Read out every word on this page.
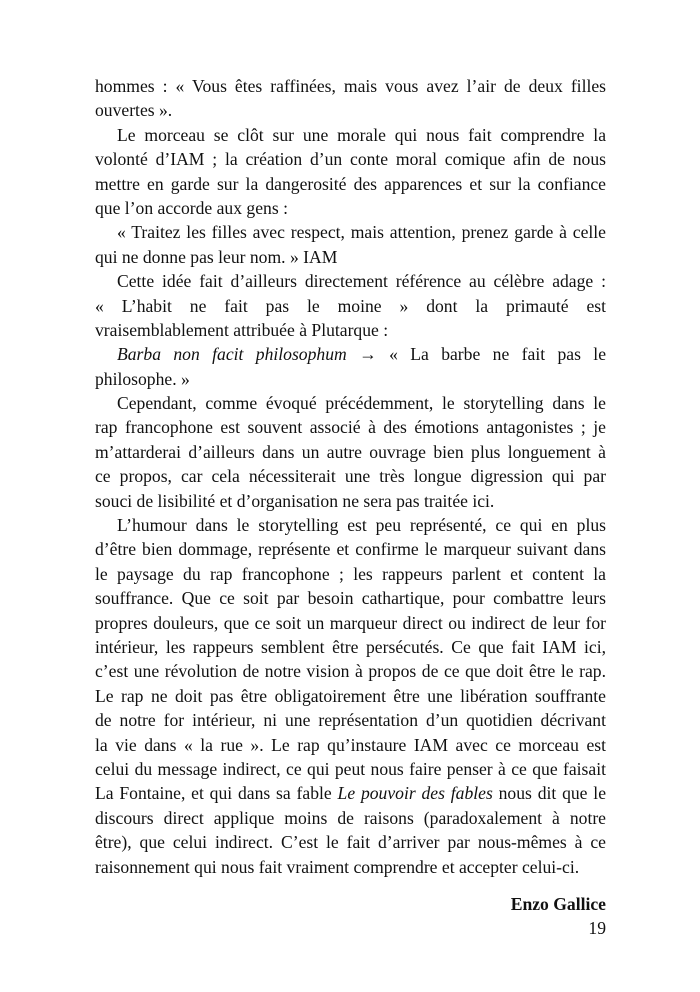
hommes : « Vous êtes raffinées, mais vous avez l’air de deux filles
ouvertes ».
Le morceau se clôt sur une morale qui nous fait comprendre la
volonté d’IAM ; la création d’un conte moral comique afin de nous
mettre en garde sur la dangerosité des apparences et sur la confiance
que l’on accorde aux gens :
« Traitez les filles avec respect, mais attention, prenez garde à celle
qui ne donne pas leur nom. » IAM
Cette idée fait d’ailleurs directement référence au célèbre adage :
« L’habit ne fait pas le moine » dont la primauté est
vraisemblablement attribuée à Plutarque :
Barba non facit philosophum → « La barbe ne fait pas le
philosophe. »
Cependant, comme évoqué précédemment, le storytelling dans le
rap francophone est souvent associé à des émotions antagonistes ; je
m’attarderai d’ailleurs dans un autre ouvrage bien plus longuement à
ce propos, car cela nécessiterait une très longue digression qui par
souci de lisibilité et d’organisation ne sera pas traitée ici.
L’humour dans le storytelling est peu représenté, ce qui en plus
d’être bien dommage, représente et confirme le marqueur suivant dans
le paysage du rap francophone ; les rappeurs parlent et content la
souffrance. Que ce soit par besoin cathartique, pour combattre leurs
propres douleurs, que ce soit un marqueur direct ou indirect de leur for
intérieur, les rappeurs semblent être persécutés. Ce que fait IAM ici,
c’est une révolution de notre vision à propos de ce que doit être le rap.
Le rap ne doit pas être obligatoirement être une libération souffrante
de notre for intérieur, ni une représentation d’un quotidien décrivant
la vie dans « la rue ». Le rap qu’instaure IAM avec ce morceau est
celui du message indirect, ce qui peut nous faire penser à ce que faisait
La Fontaine, et qui dans sa fable Le pouvoir des fables nous dit que le
discours direct applique moins de raisons (paradoxalement à notre
être), que celui indirect. C’est le fait d’arriver par nous-mêmes à ce
raisonnement qui nous fait vraiment comprendre et accepter celui-ci.
Enzo Gallice
19
